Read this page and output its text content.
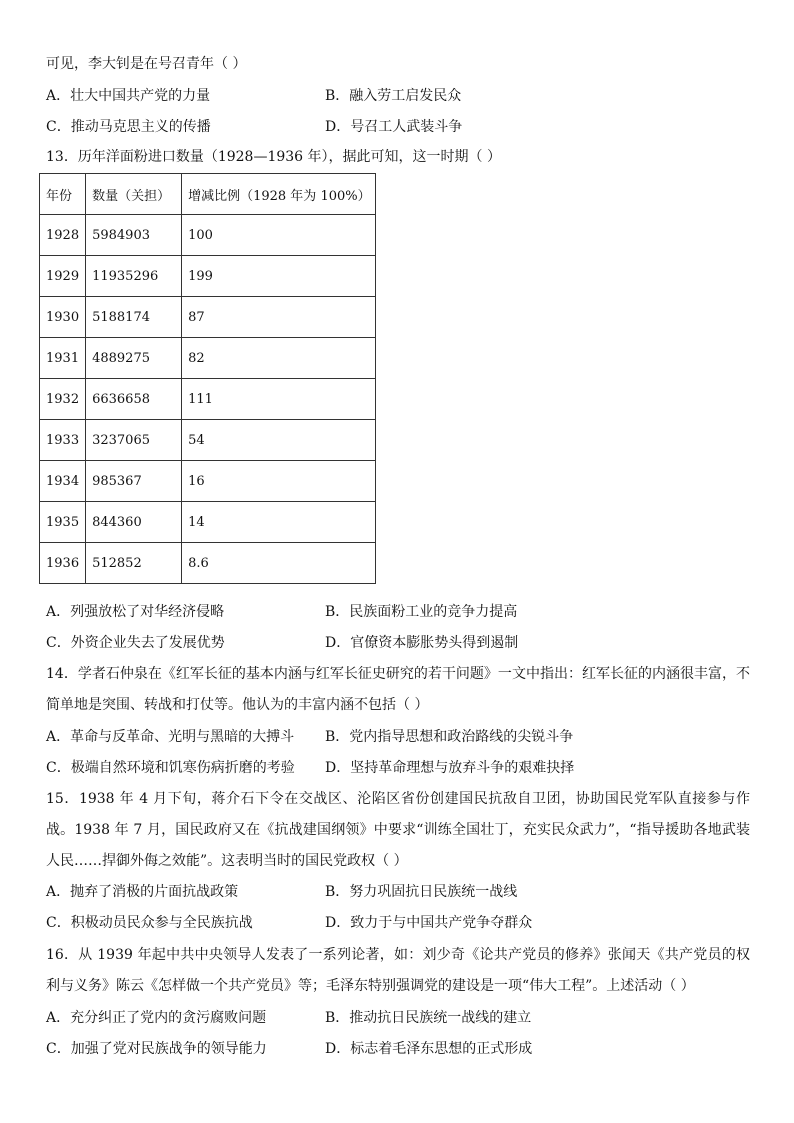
可见，李大钊是在号召青年（ ）
A．壮大中国共产党的力量	B．融入劳工启发民众
C．推动马克思主义的传播	D．号召工人武装斗争
13．历年洋面粉进口数量（1928—1936 年），据此可知，这一时期（ ）
年份	数量（关担）	增减比例（1928 年为 100%）
1928	5984903	100
1929	11935296	199
1930	5188174	87
1931	4889275	82
1932	6636658	111
1933	3237065	54
1934	985367	16
1935	844360	14
1936	512852	8.6
A．列强放松了对华经济侵略	B．民族面粉工业的竞争力提高
C．外资企业失去了发展优势	D．官僚资本膨胀势头得到遏制
14．学者石仲泉在《红军长征的基本内涵与红军长征史研究的若干问题》一文中指出：红军长征的内涵很丰富，不简单地是突围、转战和打仗等。他认为的丰富内涵不包括（ ）
A．革命与反革命、光明与黑暗的大搏斗 B．党内指导思想和政治路线的尖锐斗争
C．极端自然环境和饥寒伤病折磨的考验 D．坚持革命理想与放弃斗争的艰难抉择
15．1938 年 4 月下旬，蒋介石下令在交战区、沦陷区省份创建国民抗敌自卫团，协助国民党军队直接参与作战。1938 年 7 月，国民政府又在《抗战建国纲领》中要求“训练全国壮丁，充实民众武力”，“指导援助各地武装人民……捍御外侮之效能”。这表明当时的国民党政权（ ）
A．抛弃了消极的片面抗战政策	B．努力巩固抗日民族统一战线
C．积极动员民众参与全民族抗战	D．致力于与中国共产党争夺群众
16．从 1939 年起中共中央领导人发表了一系列论著，如：刘少奇《论共产党员的修养》张闻天《共产党员的权利与义务》陈云《怎样做一个共产党员》等；毛泽东特别强调党的建设是一项“伟大工程”。上述活动（ ）
A．充分纠正了党内的贪污腐败问题	B．推动抗日民族统一战线的建立
C．加强了党对民族战争的领导能力	D．标志着毛泽东思想的正式形成
